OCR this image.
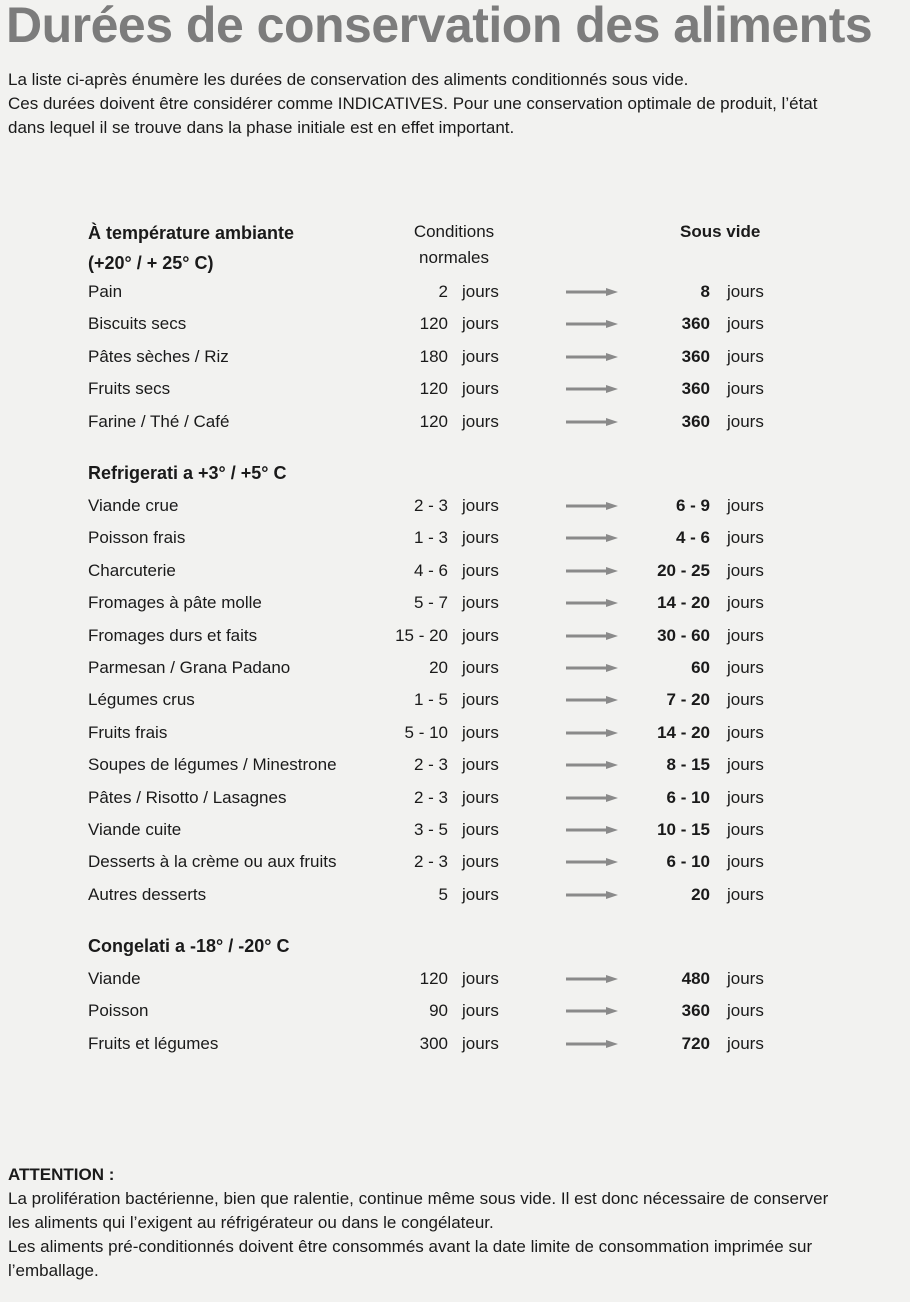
Durées de conservation des aliments

La liste ci-après énumère les durées de conservation des aliments conditionnés sous vide.

Ces durées doivent être considérer comme INDICATIVES. Pour une conservation optimale de produit, l’état

dans lequel il se trouve dans la phase initiale est en effet important.

À température ambiante
(+20° / + 25° C)
Conditions
normales
Sous vide
Pain	2 jours	8 jours
Biscuits secs	120 jours	360 jours
Pâtes sèches / Riz	180 jours	360 jours
Fruits secs	120 jours	360 jours
Farine / Thé / Café	120 jours	360 jours
Refrigerati a +3° / +5° C
Viande crue	2 - 3 jours	6 - 9 jours
Poisson frais	1 - 3 jours	4 - 6 jours
Charcuterie	4 - 6 jours	20 - 25 jours
Fromages à pâte molle	5 - 7 jours	14 - 20 jours
Fromages durs et faits	15 - 20 jours	30 - 60 jours
Parmesan / Grana Padano	20 jours	60 jours
Légumes crus	1 - 5 jours	7 - 20 jours
Fruits frais	5 - 10 jours	14 - 20 jours
Soupes de légumes / Minestrone	2 - 3 jours	8 - 15 jours
Pâtes / Risotto / Lasagnes	2 - 3 jours	6 - 10 jours
Viande cuite	3 - 5 jours	10 - 15 jours
Desserts à la crème ou aux fruits	2 - 3 jours	6 - 10 jours
Autres desserts	5 jours	20 jours
Congelati a -18° / -20° C
Viande	120 jours	480 jours
Poisson	90 jours	360 jours
Fruits et légumes	300 jours	720 jours
ATTENTION :

La prolifération bactérienne, bien que ralentie, continue même sous vide. Il est donc nécessaire de conserver

les aliments qui l’exigent au réfrigérateur ou dans le congélateur.

Les aliments pré-conditionnés doivent être consommés avant la date limite de consommation imprimée sur

l’emballage.
